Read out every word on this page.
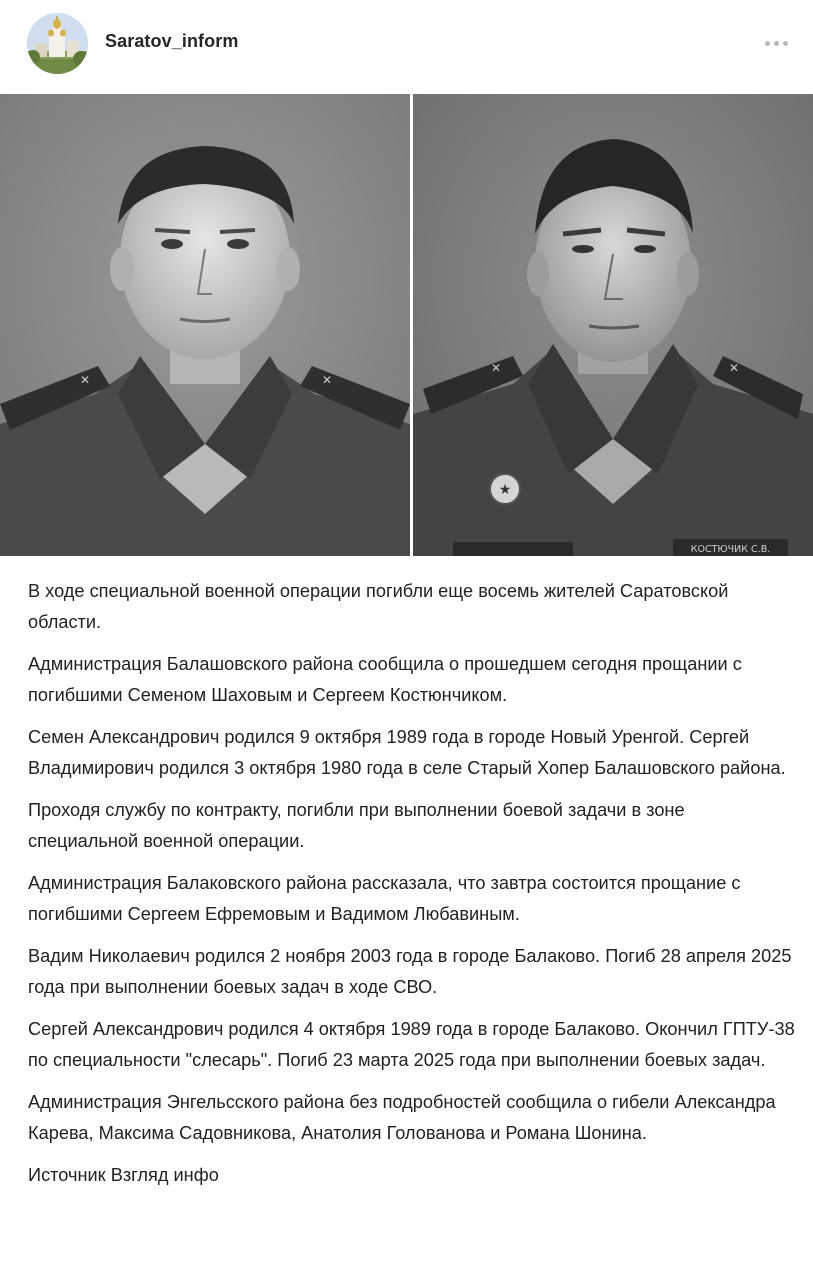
Saratov_inform
✕	✕
✕	✕
★
КОСТЮЧИК С.В.

В ходе специальной военной операции погибли еще восемь жителей Саратовской области.

Администрация Балашовского района сообщила о прошедшем сегодня прощании с погибшими Семеном Шаховым и Сергеем Костюнчиком.

Семен Александрович родился 9 октября 1989 года в городе Новый Уренгой. Сергей Владимирович родился 3 октября 1980 года в селе Старый Хопер Балашовского района.

Проходя службу по контракту, погибли при выполнении боевой задачи в зоне специальной военной операции.

Администрация Балаковского района рассказала, что завтра состоится прощание с погибшими Сергеем Ефремовым и Вадимом Любавиным.

Вадим Николаевич родился 2 ноября 2003 года в городе Балаково. Погиб 28 апреля 2025 года при выполнении боевых задач в ходе СВО.

Сергей Александрович родился 4 октября 1989 года в городе Балаково. Окончил ГПТУ-38 по специальности "слесарь". Погиб 23 марта 2025 года при выполнении боевых задач.

Администрация Энгельсского района без подробностей сообщила о гибели Александра Карева, Максима Садовникова, Анатолия Голованова и Романа Шонина.

Источник Взгляд инфо
